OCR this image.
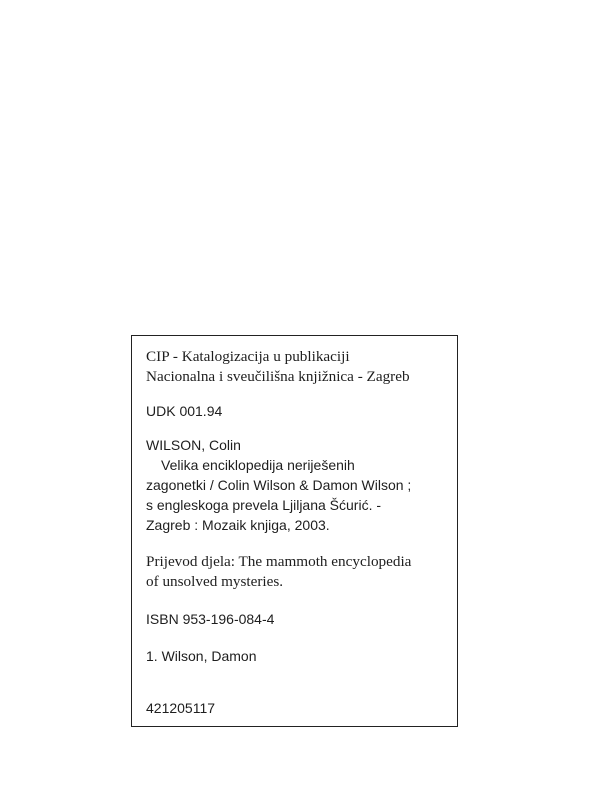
CIP - Katalogizacija u publikaciji

Nacionalna i sveučilišna knjižnica - Zagreb

UDK 001.94

WILSON, Colin

Velika enciklopedija neriješenih

zagonetki / Colin Wilson & Damon Wilson ;

s engleskoga prevela Ljiljana Šćurić. -

Zagreb : Mozaik knjiga, 2003.

Prijevod djela: The mammoth encyclopedia

of unsolved mysteries.

ISBN 953-196-084-4

1. Wilson, Damon

421205117
